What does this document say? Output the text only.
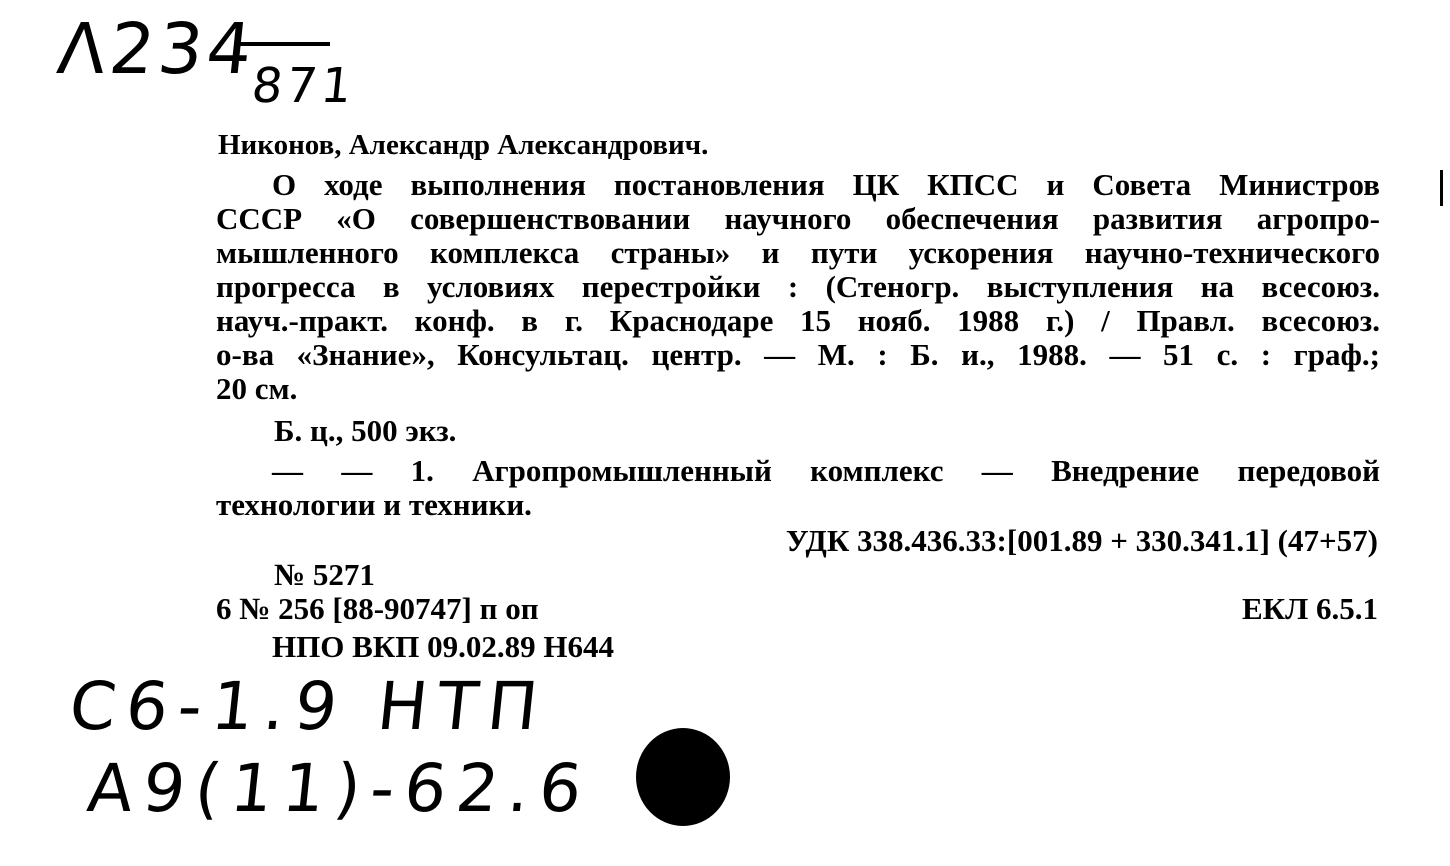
Λ234
871
Никонов, Александр Александрович.
О ходе выполнения постановления ЦК КПСС и Совета Министров
СССР «О совершенствовании научного обеспечения развития агропро-
мышленного комплекса страны» и пути ускорения научно-технического
прогресса в условиях перестройки : (Стеногр. выступления на всесоюз.
науч.-практ. конф. в г. Краснодаре 15 нояб. 1988 г.) / Правл. всесоюз.
о-ва «Знание», Консультац. центр. — М. : Б. и., 1988. — 51 с. : граф.;
20 см.
Б. ц., 500 экз.
— — 1. Агропромышленный комплекс — Внедрение передовой
технологии и техники.
УДК 338.436.33:[001.89 + 330.341.1] (47+57)
№ 5271
6 № 256 [88-90747] п оп	ЕКЛ 6.5.1
НПО ВКП 09.02.89 Н644
C6-1.9 HTΠ
A9(11)-62.6
